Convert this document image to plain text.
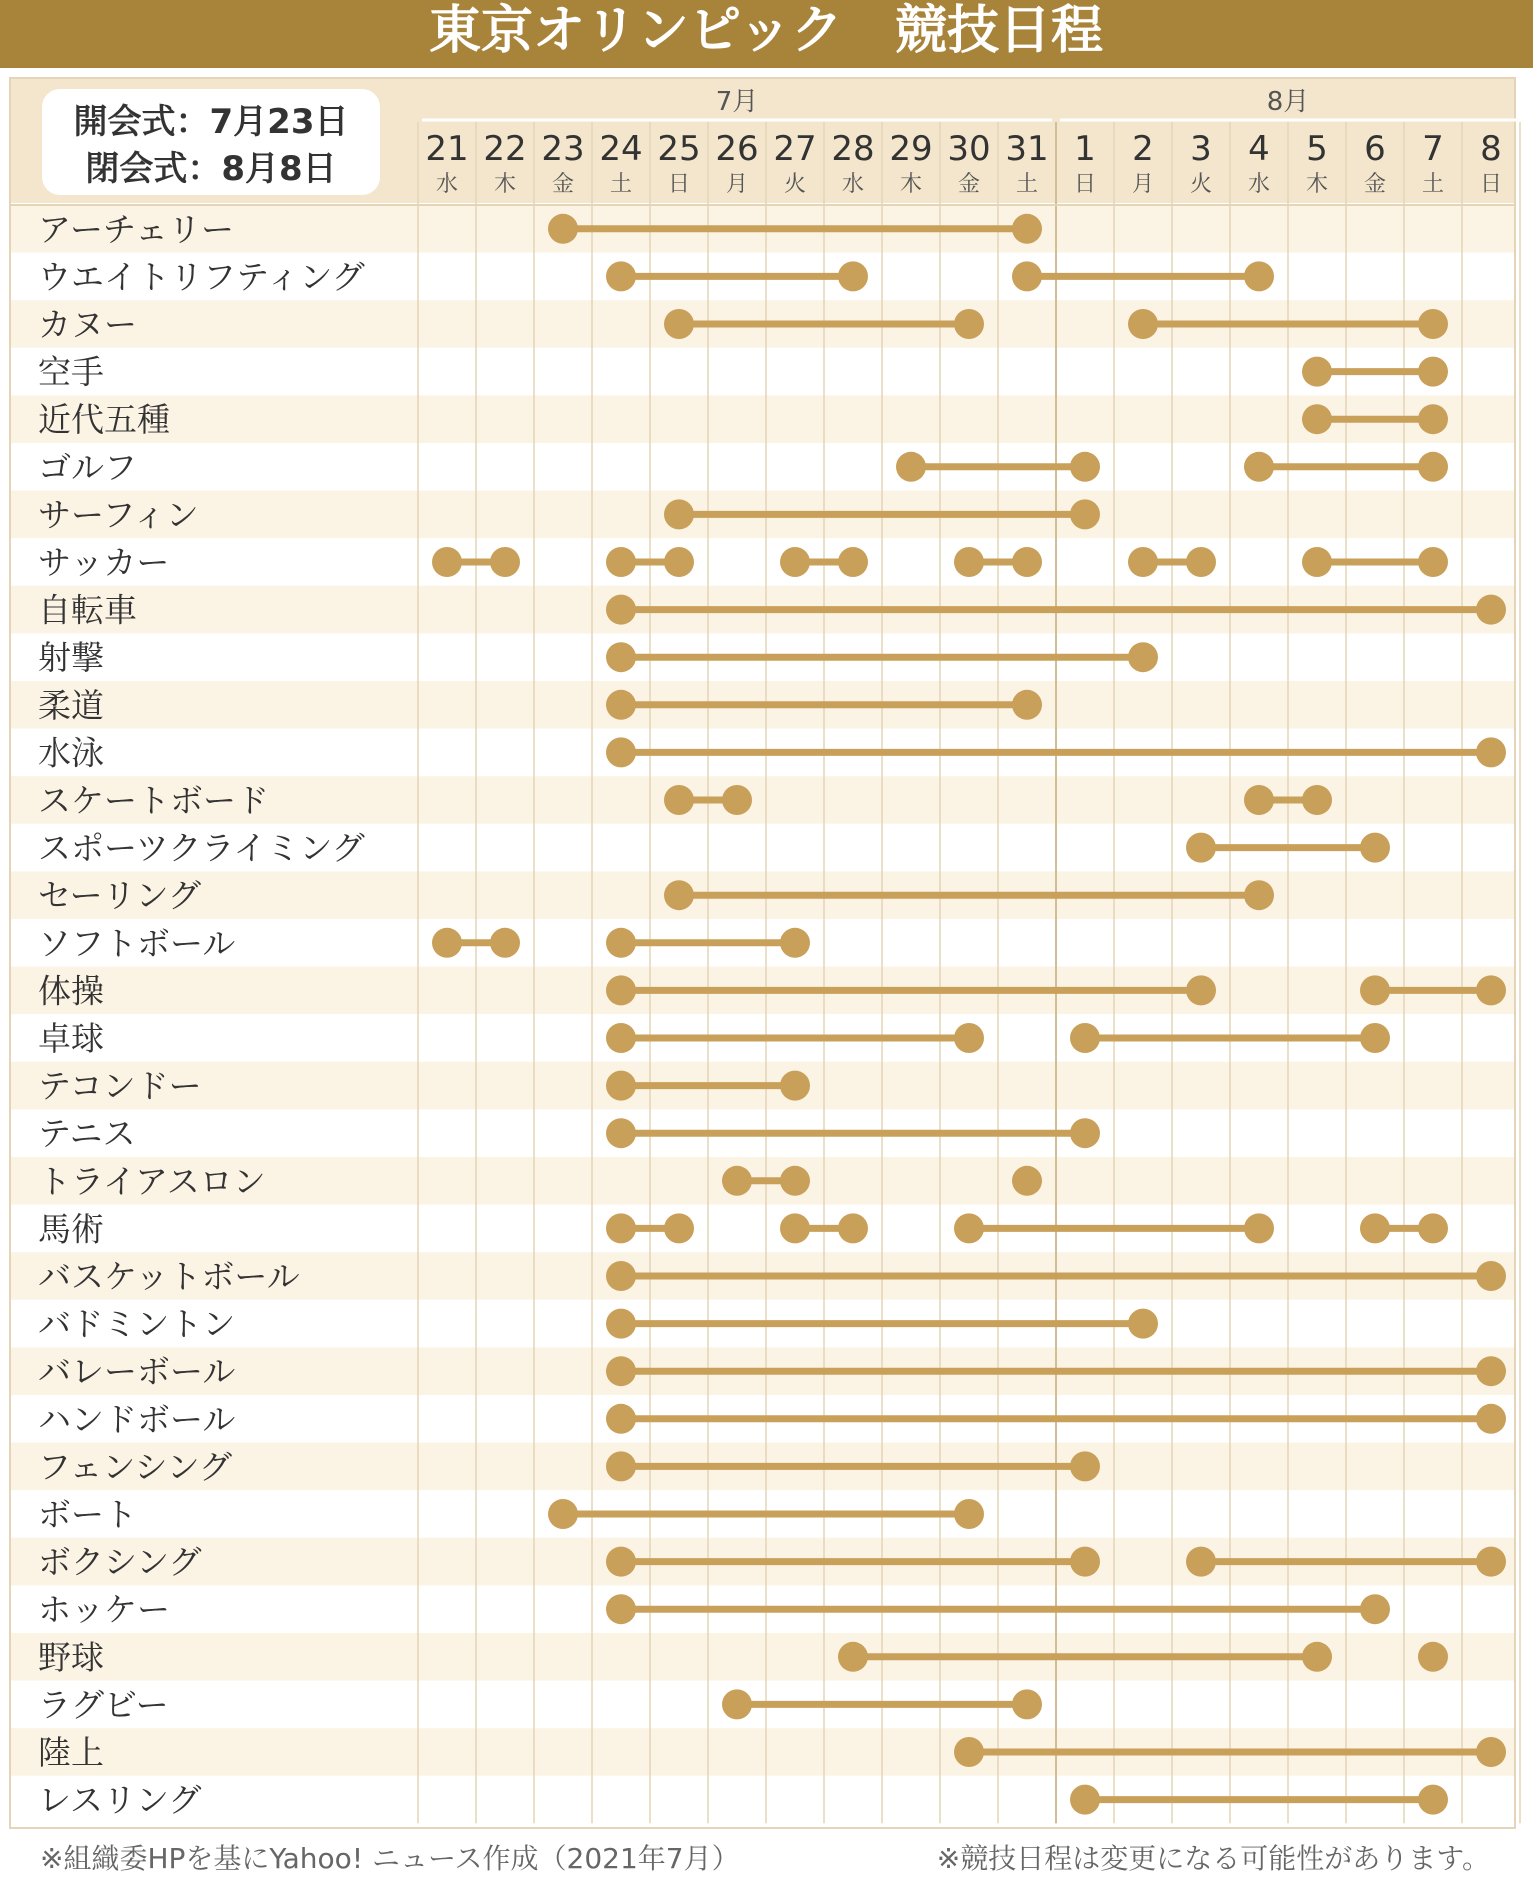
東京オリンピック　競技日程
開会式：7月23日
閉会式：8月8日
7月	8月
21
水
22
木
23
金
24
土
25
日
26
月
27
火
28
水
29
木
30
金
31
土
1
日
2
月
3
火
4
水
5
木
6
金
7
土
8
日
アーチェリー
ウエイトリフティング
カヌー
空手
近代五種
ゴルフ
サーフィン
サッカー
自転車
射撃
柔道
水泳
スケートボード
スポーツクライミング
セーリング
ソフトボール
体操
卓球
テコンドー
テニス
トライアスロン
馬術
バスケットボール
バドミントン
バレーボール
ハンドボール
フェンシング
ボート
ボクシング
ホッケー
野球
ラグビー
陸上
レスリング
※組織委HPを基にYahoo! ニュース作成（2021年7月）	※競技日程は変更になる可能性があります。
